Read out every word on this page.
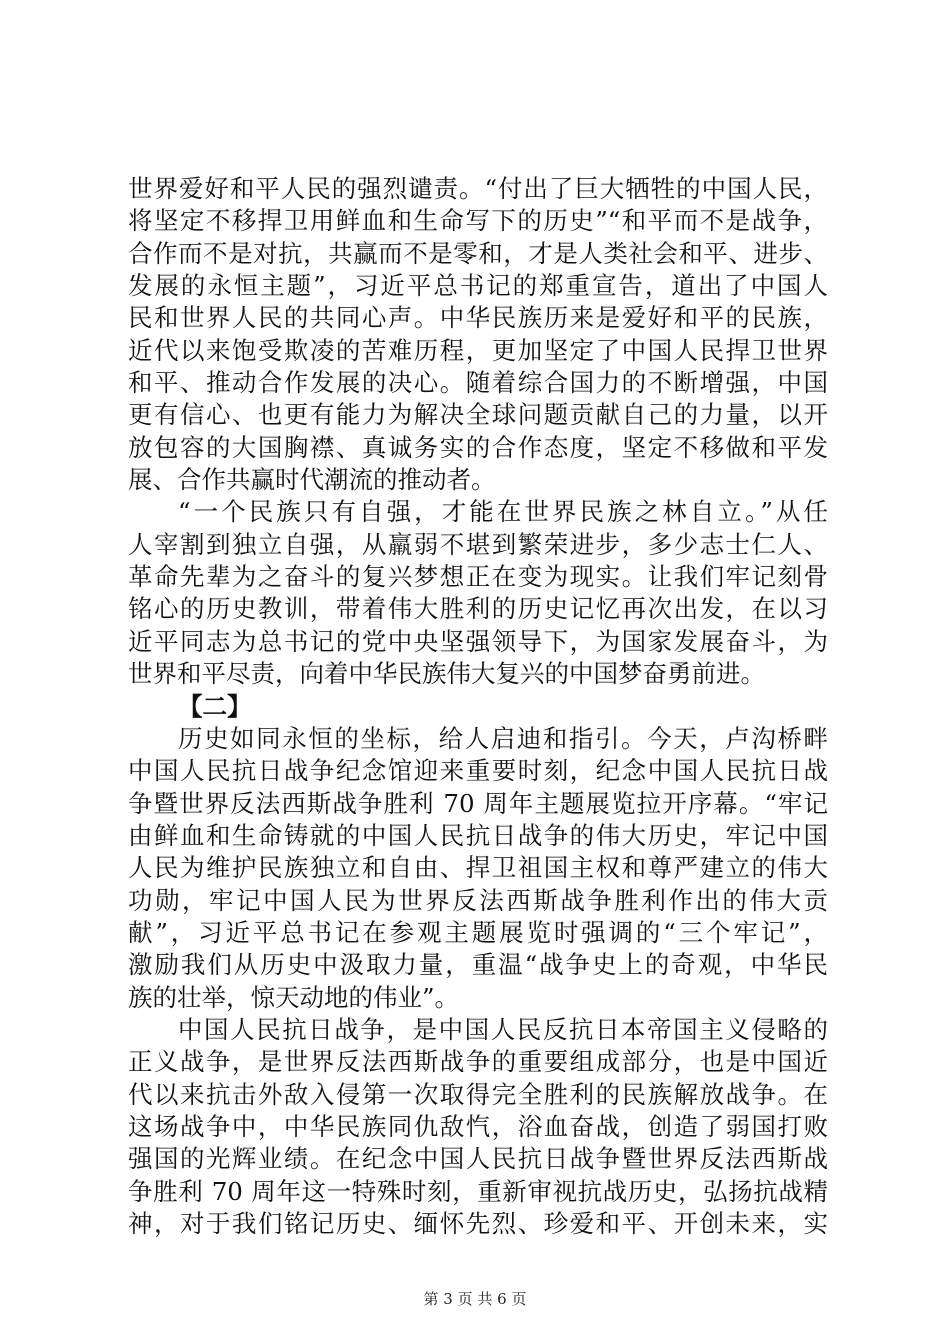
世界爱好和平人民的强烈谴责。“付出了巨大牺牲的中国人民，
将坚定不移捍卫用鲜血和生命写下的历史”“和平而不是战争，
合作而不是对抗，共赢而不是零和，才是人类社会和平、进步、
发展的永恒主题”，习近平总书记的郑重宣告，道出了中国人
民和世界人民的共同心声。中华民族历来是爱好和平的民族，
近代以来饱受欺凌的苦难历程，更加坚定了中国人民捍卫世界
和平、推动合作发展的决心。随着综合国力的不断增强，中国
更有信心、也更有能力为解决全球问题贡献自己的力量，以开
放包容的大国胸襟、真诚务实的合作态度，坚定不移做和平发
展、合作共赢时代潮流的推动者。
“一个民族只有自强，才能在世界民族之林自立。”从任
人宰割到独立自强，从羸弱不堪到繁荣进步，多少志士仁人、
革命先辈为之奋斗的复兴梦想正在变为现实。让我们牢记刻骨
铭心的历史教训，带着伟大胜利的历史记忆再次出发，在以习
近平同志为总书记的党中央坚强领导下，为国家发展奋斗，为
世界和平尽责，向着中华民族伟大复兴的中国梦奋勇前进。
【二】
历史如同永恒的坐标，给人启迪和指引。今天，卢沟桥畔
中国人民抗日战争纪念馆迎来重要时刻，纪念中国人民抗日战
争暨世界反法西斯战争胜利 70 周年主题展览拉开序幕。“牢记
由鲜血和生命铸就的中国人民抗日战争的伟大历史，牢记中国
人民为维护民族独立和自由、捍卫祖国主权和尊严建立的伟大
功勋，牢记中国人民为世界反法西斯战争胜利作出的伟大贡
献”，习近平总书记在参观主题展览时强调的“三个牢记”，
激励我们从历史中汲取力量，重温“战争史上的奇观，中华民
族的壮举，惊天动地的伟业”。
中国人民抗日战争，是中国人民反抗日本帝国主义侵略的
正义战争，是世界反法西斯战争的重要组成部分，也是中国近
代以来抗击外敌入侵第一次取得完全胜利的民族解放战争。在
这场战争中，中华民族同仇敌忾，浴血奋战，创造了弱国打败
强国的光辉业绩。在纪念中国人民抗日战争暨世界反法西斯战
争胜利 70 周年这一特殊时刻，重新审视抗战历史，弘扬抗战精
神，对于我们铭记历史、缅怀先烈、珍爱和平、开创未来，实
第 3 页 共 6 页
